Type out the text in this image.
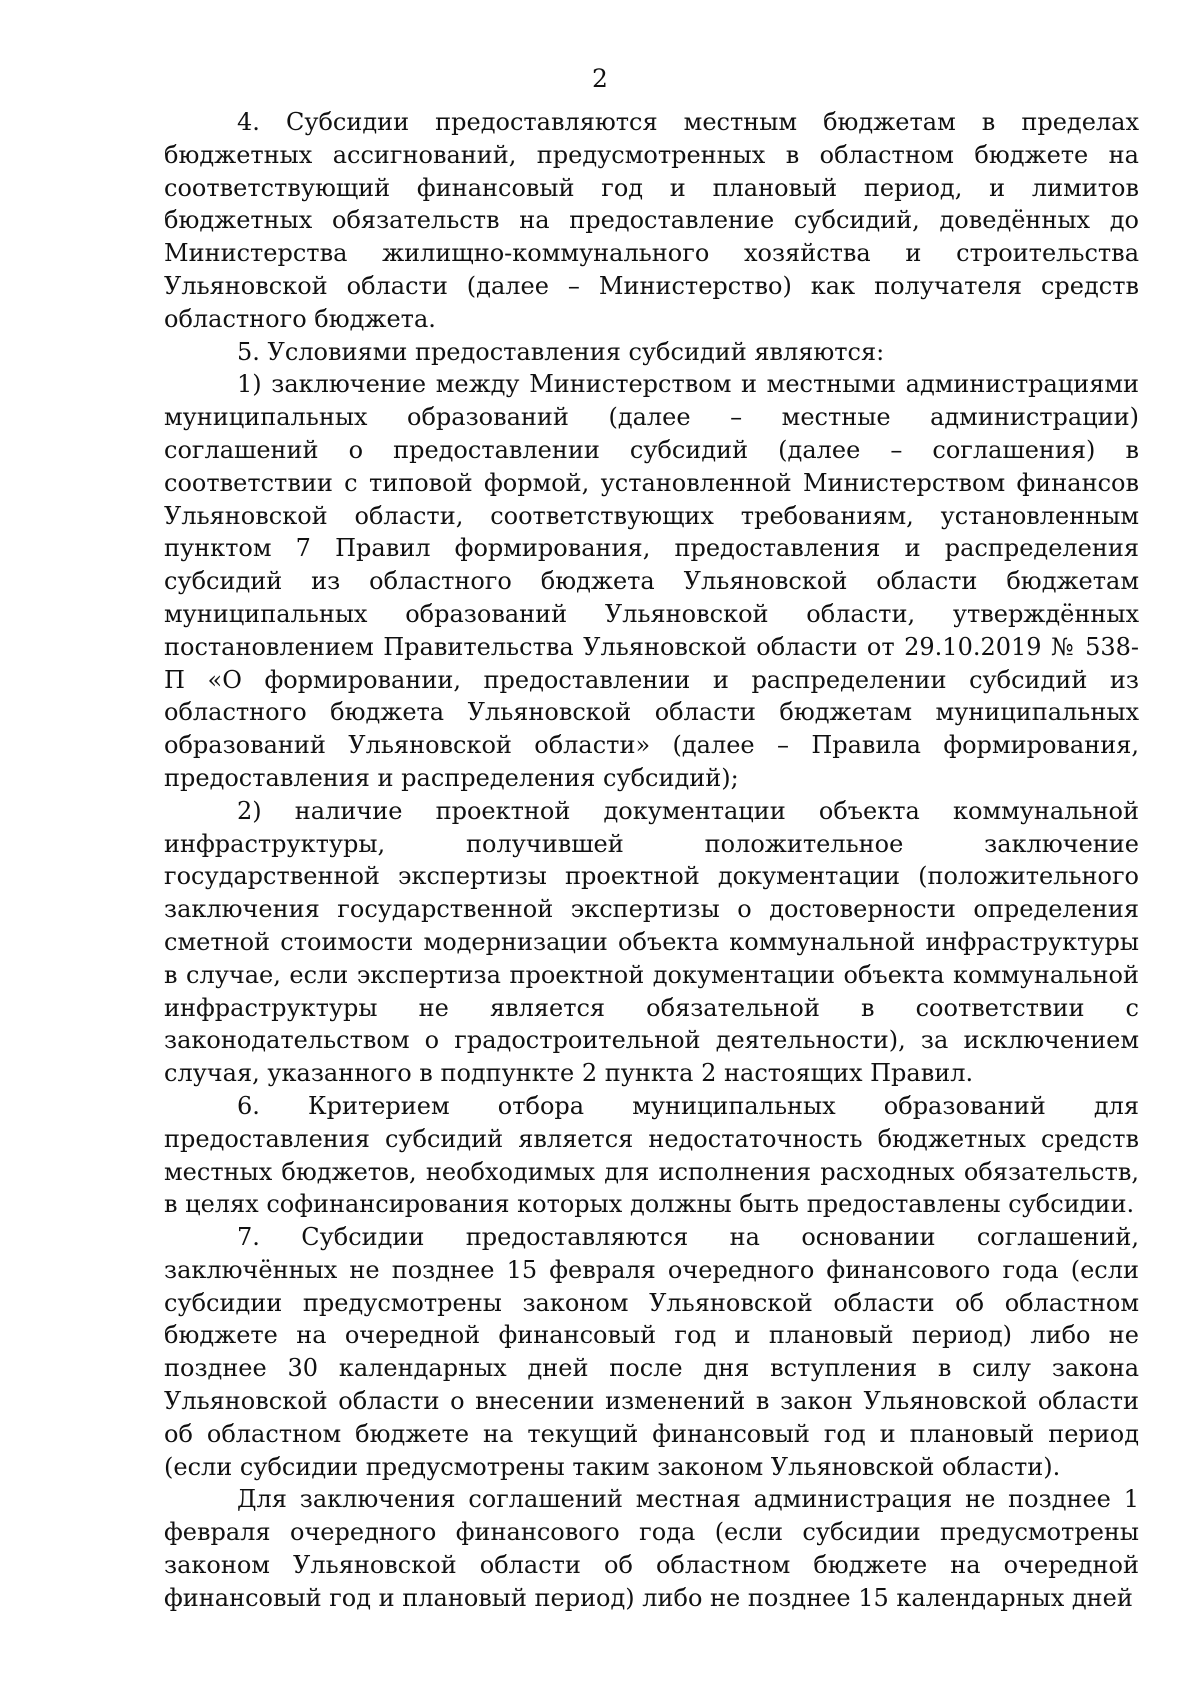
2

4. Субсидии предоставляются местным бюджетам в пределах бюджетных ассигнований, предусмотренных в областном бюджете на соответствующий финансовый год и плановый период, и лимитов бюджетных обязательств на предоставление субсидий, доведённых до Министерства жилищно-коммунального хозяйства и строительства Ульяновской области (далее – Министерство) как получателя средств областного бюджета.

5. Условиями предоставления субсидий являются:

1) заключение между Министерством и местными администрациями муниципальных образований (далее – местные администрации) соглашений о предоставлении субсидий (далее – соглашения) в соответствии с типовой формой, установленной Министерством финансов Ульяновской области, соответствующих требованиям, установленным пунктом 7 Правил формирования, предоставления и распределения субсидий из областного бюджета Ульяновской области бюджетам муниципальных образований Ульяновской области, утверждённых постановлением Правительства Ульяновской области от 29.10.2019 № 538-П «О формировании, предоставлении и распределении субсидий из областного бюджета Ульяновской области бюджетам муниципальных образований Ульяновской области» (далее – Правила формирования, предоставления и распределения субсидий);

2) наличие проектной документации объекта коммунальной инфраструктуры, получившей положительное заключение государственной экспертизы проектной документации (положительного заключения государственной экспертизы о достоверности определения сметной стоимости модернизации объекта коммунальной инфраструктуры в случае, если экспертиза проектной документации объекта коммунальной инфраструктуры не является обязательной в соответствии с законодательством о градостроительной деятельности), за исключением случая, указанного в подпункте 2 пункта 2 настоящих Правил.

6. Критерием отбора муниципальных образований для предоставления субсидий является недостаточность бюджетных средств местных бюджетов, необходимых для исполнения расходных обязательств, в целях софинансирования которых должны быть предоставлены субсидии.

7. Субсидии предоставляются на основании соглашений, заключённых не позднее 15 февраля очередного финансового года (если субсидии предусмотрены законом Ульяновской области об областном бюджете на очередной финансовый год и плановый период) либо не позднее 30 календарных дней после дня вступления в силу закона Ульяновской области о внесении изменений в закон Ульяновской области об областном бюджете на текущий финансовый год и плановый период (если субсидии предусмотрены таким законом Ульяновской области).

Для заключения соглашений местная администрация не позднее 1 февраля очередного финансового года (если субсидии предусмотрены законом Ульяновской области об областном бюджете на очередной финансовый год и плановый период) либо не позднее 15 календарных дней
